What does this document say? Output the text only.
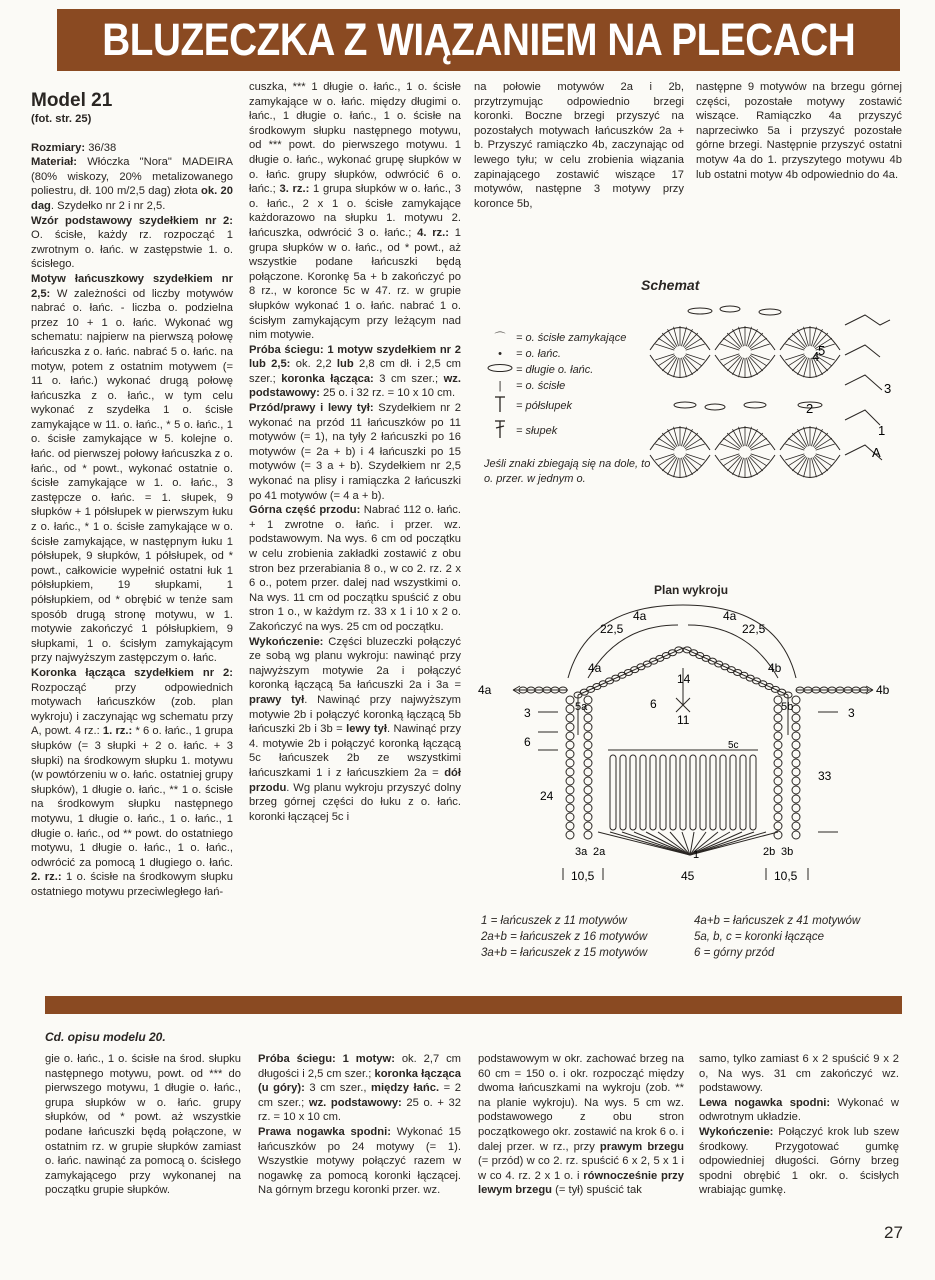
BLUZECZKA Z WIĄZANIEM NA PLECACH

Model 21

(fot. str. 25)

Rozmiary: 36/38

Materiał: Włóczka "Nora" MADEIRA (80% wiskozy, 20% metalizowanego poliestru, dł. 100 m/2,5 dag) złota ok. 20 dag. Szydełko nr 2 i nr 2,5.

Wzór podstawowy szydełkiem nr 2: O. ścisłe, każdy rz. rozpocząć 1 zwrotnym o. łańc. w zastępstwie 1. o. ścisłego.

Motyw łańcuszkowy szydełkiem nr 2,5: W zależności od liczby motywów nabrać o. łańc. - liczba o. podzielna przez 10 + 1 o. łańc. Wykonać wg schematu: najpierw na pierwszą połowę łańcuszka z o. łańc. nabrać 5 o. łańc. na motyw, potem z ostatnim motywem (= 11 o. łańc.) wykonać drugą połowę łańcuszka z o. łańc., w tym celu wykonać z szydełka 1 o. ścisłe zamykające w 11. o. łańc., * 5 o. łańc., 1 o. ścisłe zamykające w 5. kolejne o. łańc. od pierwszej połowy łańcuszka z o. łańc., od * powt., wykonać ostatnie o. ścisłe zamykające w 1. o. łańc., 3 zastępcze o. łańc. = 1. słupek, 9 słupków + 1 półsłupek w pierwszym łuku z o. łańc., * 1 o. ścisłe zamykające w o. ścisłe zamykające, w następnym łuku 1 półsłupek, 9 słupków, 1 półsłupek, od * powt., całkowicie wypełnić ostatni łuk 1 półsłupkiem, 19 słupkami, 1 półsłupkiem, od * obrębić w tenże sam sposób drugą stronę motywu, w 1. motywie zakończyć 1 półsłupkiem, 9 słupkami, 1 o. ścisłym zamykającym przy najwyższym zastępczym o. łańc.

Koronka łącząca szydełkiem nr 2: Rozpocząć przy odpowiednich motywach łańcuszków (zob. plan wykroju) i zaczynając wg schematu przy A, powt. 4 rz.: 1. rz.: * 6 o. łańc., 1 grupa słupków (= 3 słupki + 2 o. łańc. + 3 słupki) na środkowym słupku 1. motywu (w powtórzeniu w o. łańc. ostatniej grupy słupków), 1 długie o. łańc., ** 1 o. ścisłe na środkowym słupku następnego motywu, 1 długie o. łańc., 1 o. łańc., 1 długie o. łańc., od ** powt. do ostatniego motywu, 1 długie o. łańc., 1 o. łańc., odwrócić za pomocą 1 długiego o. łańc. 2. rz.: 1 o. ścisłe na środkowym słupku ostatniego motywu przeciwległego łań-

cuszka, *** 1 długie o. łańc., 1 o. ścisłe zamykające w o. łańc. między długimi o. łańc., 1 długie o. łańc., 1 o. ścisłe na środkowym słupku następnego motywu, od *** powt. do pierwszego motywu. 1 długie o. łańc., wykonać grupę słupków w o. łańc. grupy słupków, odwrócić 6 o. łańc.; 3. rz.: 1 grupa słupków w o. łańc., 3 o. łańc., 2 x 1 o. ścisłe zamykające każdorazowo na słupku 1. motywu 2. łańcuszka, odwrócić 3 o. łańc.; 4. rz.: 1 grupa słupków w o. łańc., od * powt., aż wszystkie podane łańcuszki będą połączone. Koronkę 5a + b zakończyć po 8 rz., w koronce 5c w 47. rz. w grupie słupków wykonać 1 o. łańc. nabrać 1 o. ścisłym zamykającym przy leżącym nad nim motywie.

Próba ściegu: 1 motyw szydełkiem nr 2 lub 2,5: ok. 2,2 lub 2,8 cm dł. i 2,5 cm szer.; koronka łącząca: 3 cm szer.; wz. podstawowy: 25 o. i 32 rz. = 10 x 10 cm.

Przód/prawy i lewy tył: Szydełkiem nr 2 wykonać na przód 11 łańcuszków po 11 motywów (= 1), na tyły 2 łańcuszki po 16 motywów (= 2a + b) i 4 łańcuszki po 15 motywów (= 3 a + b). Szydełkiem nr 2,5 wykonać na plisy i ramiączka 2 łańcuszki po 41 motywów (= 4 a + b).

Górna część przodu: Nabrać 112 o. łańc. + 1 zwrotne o. łańc. i przer. wz. podstawowym. Na wys. 6 cm od początku w celu zrobienia zakładki zostawić z obu stron bez przerabiania 8 o., w co 2. rz. 2 x 6 o., potem przer. dalej nad wszystkimi o. Na wys. 11 cm od początku spuścić z obu stron 1 o., w każdym rz. 33 x 1 i 10 x 2 o. Zakończyć na wys. 25 cm od początku.

Wykończenie: Części bluzeczki połączyć ze sobą wg planu wykroju: nawinąć przy najwyższym motywie 2a i połączyć koronką łączącą 5a łańcuszki 2a i 3a = prawy tył. Nawinąć przy najwyższym motywie 2b i połączyć koronką łączącą 5b łańcuszki 2b i 3b = lewy tył. Nawinąć przy 4. motywie 2b i połączyć koronką łączącą 5c łańcuszek 2b ze wszystkimi łańcuszkami 1 i z łańcuszkiem 2a = dół przodu. Wg planu wykroju przyszyć dolny brzeg górnej części do łuku z o. łańc. koronki łączącej 5c i

na połowie motywów 2a i 2b, przytrzymując odpowiednio brzegi koronki. Boczne brzegi przyszyć na pozostałych motywach łańcuszków 2a + b. Przyszyć ramiączko 4b, zaczynając od lewego tyłu; w celu zrobienia wiązania zapinającego zostawić wiszące 17 motywów, następne 3 motywy przy koronce 5b,

następne 9 motywów na brzegu górnej części, pozostałe motywy zostawić wiszące. Ramiączko 4a przyszyć naprzeciwko 5a i przyszyć pozostałe górne brzegi. Następnie przyszyć ostatni motyw 4a do 1. przyszytego motywu 4b lub ostatni motyw 4b odpowiednio do 4a.

Schemat
⌒ = o. ścisłe zamykające
•	= o. łańc.
= długie o. łańc.
|	= o. ścisłe
= półsłupek
= słupek
Jeśli znaki zbiegają się na dole, to o. przer. w jednym o.
5
4
3
2
1
A
Plan wykroju
22,5	22,5
4a	4a
4a	4b
4a	4b
14
6
11
3
6
24
3
33
5a	5b
5c
1
3a 2a	2b 3b
10,5	45	10,5
1 = łańcuszek z 11 motywów
2a+b = łańcuszek z 16 motywów
3a+b = łańcuszek z 15 motywów
4a+b = łańcuszek z 41 motywów
5a, b, c = koronki łączące
6 = górny przód
Cd. opisu modelu 20.

gie o. łańc., 1 o. ścisłe na środ. słupku następnego motywu, powt. od *** do pierwszego motywu, 1 długie o. łańc., grupa słupków w o. łańc. grupy słupków, od * powt. aż wszystkie podane łańcuszki będą połączone, w ostatnim rz. w grupie słupków zamiast o. łańc. nawinąć za pomocą o. ścisłego zamykającego przy wykonanej na początku grupie słupków.

Próba ściegu: 1 motyw: ok. 2,7 cm długości i 2,5 cm szer.; koronka łącząca (u góry): 3 cm szer., między łańc. = 2 cm szer.; wz. podstawowy: 25 o. + 32 rz. = 10 x 10 cm.

Prawa nogawka spodni: Wykonać 15 łańcuszków po 24 motywy (= 1). Wszystkie motywy połączyć razem w nogawkę za pomocą koronki łączącej. Na górnym brzegu koronki przer. wz.

podstawowym w okr. zachować brzeg na 60 cm = 150 o. i okr. rozpocząć między dwoma łańcuszkami na wykroju (zob. ** na planie wykroju). Na wys. 5 cm wz. podstawowego z obu stron początkowego okr. zostawić na krok 6 o. i dalej przer. w rz., przy prawym brzegu (= przód) w co 2. rz. spuścić 6 x 2, 5 x 1 i w co 4. rz. 2 x 1 o. i równocześnie przy lewym brzegu (= tył) spuścić tak

samo, tylko zamiast 6 x 2 spuścić 9 x 2 o, Na wys. 31 cm zakończyć wz. podstawowy.

Lewa nogawka spodni: Wykonać w odwrotnym układzie.

Wykończenie: Połączyć krok lub szew środkowy. Przygotować gumkę odpowiedniej długości. Górny brzeg spodni obrębić 1 okr. o. ścisłych wrabiając gumkę.

27
